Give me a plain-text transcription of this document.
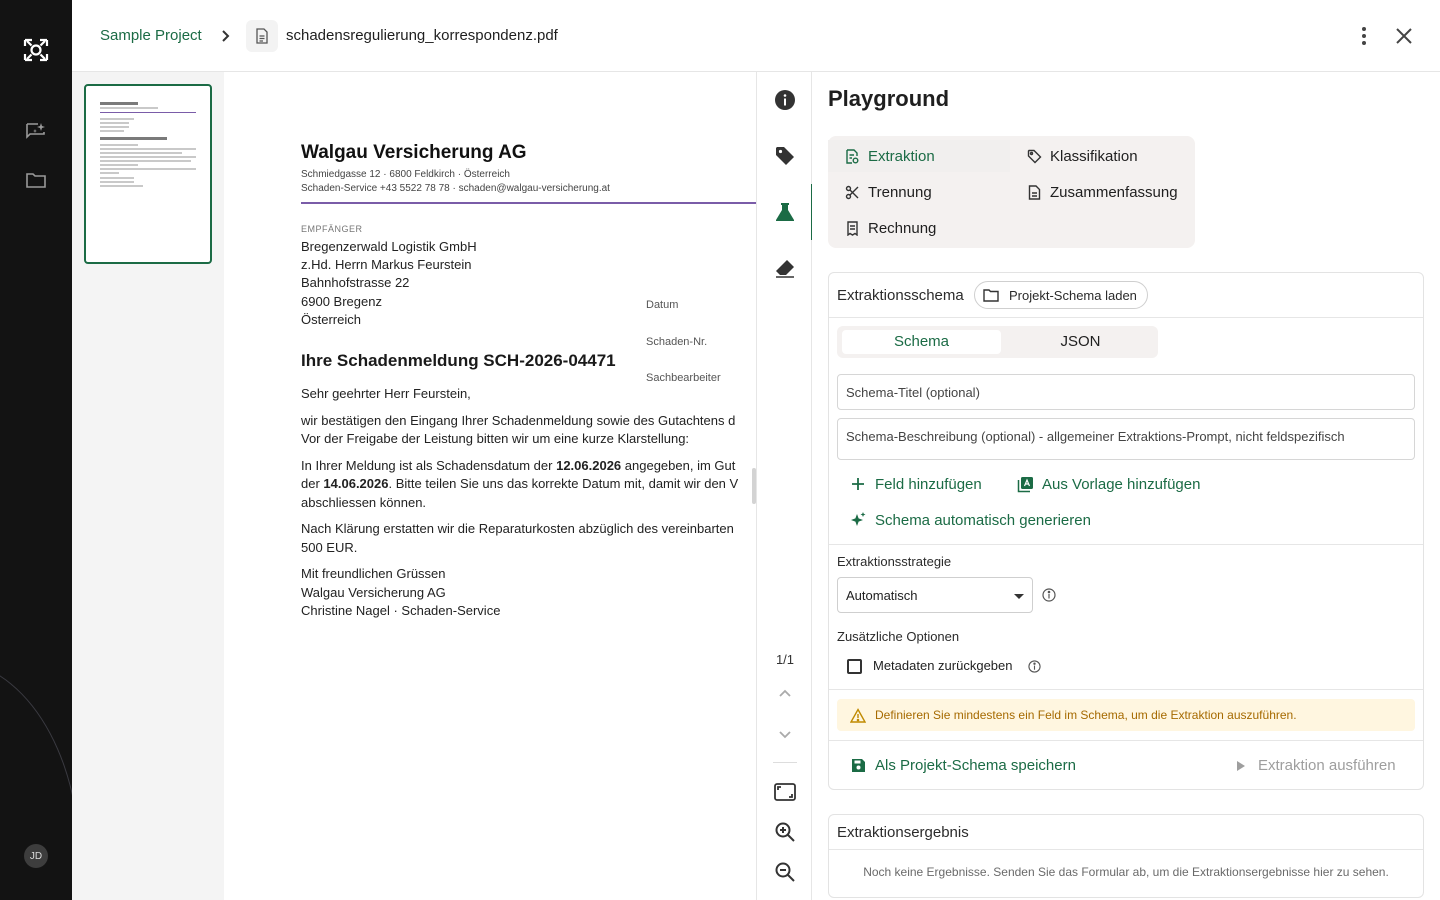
JD
Sample Project	schadensregulierung_korrespondenz.pdf
Walgau Versicherung AG
Schmiedgasse 12 · 6800 Feldkirch · Österreich
Schaden-Service +43 5522 78 78 · schaden@walgau-versicherung.at
EMPFÄNGER
Bregenzerwald Logistik GmbH
z.Hd. Herrn Markus Feurstein
Bahnhofstrasse 22
6900 Bregenz
Österreich
Datum
Schaden-Nr.
Sachbearbeiter
Ihre Schadenmeldung SCH-2026-04471

Sehr geehrter Herr Feurstein,

wir bestätigen den Eingang Ihrer Schadenmeldung sowie des Gutachtens d
Vor der Freigabe der Leistung bitten wir um eine kurze Klarstellung:

In Ihrer Meldung ist als Schadensdatum der 12.06.2026 angegeben, im Gut
der 14.06.2026. Bitte teilen Sie uns das korrekte Datum mit, damit wir den V
abschliessen können.

Nach Klärung erstatten wir die Reparaturkosten abzüglich des vereinbarten
500 EUR.

Mit freundlichen Grüssen
Walgau Versicherung AG
Christine Nagel · Schaden-Service

1/1
Playground
Extraktion	Klassifikation
Trennung	Zusammenfassung
Rechnung
Extraktionsschema	Projekt-Schema laden
Schema	JSON
Schema-Titel (optional)
Schema-Beschreibung (optional) - allgemeiner Extraktions-Prompt, nicht feldspezifisch
Feld hinzufügen	Aus Vorlage hinzufügen
Schema automatisch generieren
Extraktionsstrategie
Automatisch
Zusätzliche Optionen
Metadaten zurückgeben
Definieren Sie mindestens ein Feld im Schema, um die Extraktion auszuführen.
Als Projekt-Schema speichern	Extraktion ausführen
Extraktionsergebnis
Noch keine Ergebnisse. Senden Sie das Formular ab, um die Extraktionsergebnisse hier zu sehen.
